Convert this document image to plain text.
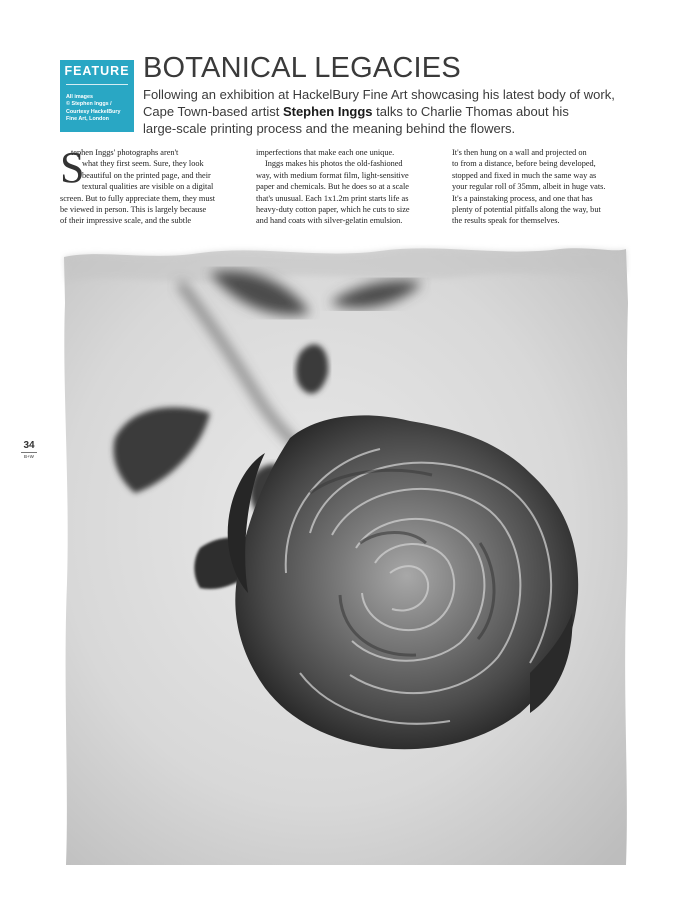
FEATURE
All images
© Stephen Inggs /
Courtesy HackelBury
Fine Art, London
BOTANICAL LEGACIES
Following an exhibition at HackelBury Fine Art showcasing his latest body of work,
Cape Town-based artist Stephen Inggs talks to Charlie Thomas about his
large-scale printing process and the meaning behind the flowers.
S
tephen Inggs' photographs aren't
what they first seem. Sure, they look
beautiful on the printed page, and their
textural qualities are visible on a digital
screen. But to fully appreciate them, they must
be viewed in person. This is largely because
of their impressive scale, and the subtle
imperfections that make each one unique.
Inggs makes his photos the old-fashioned
way, with medium format film, light-sensitive
paper and chemicals. But he does so at a scale
that's unusual. Each 1x1.2m print starts life as
heavy-duty cotton paper, which he cuts to size
and hand coats with silver-gelatin emulsion.
It's then hung on a wall and projected on
to from a distance, before being developed,
stopped and fixed in much the same way as
your regular roll of 35mm, albeit in huge vats.
It's a painstaking process, and one that has
plenty of potential pitfalls along the way, but
the results speak for themselves.
34
B+W
